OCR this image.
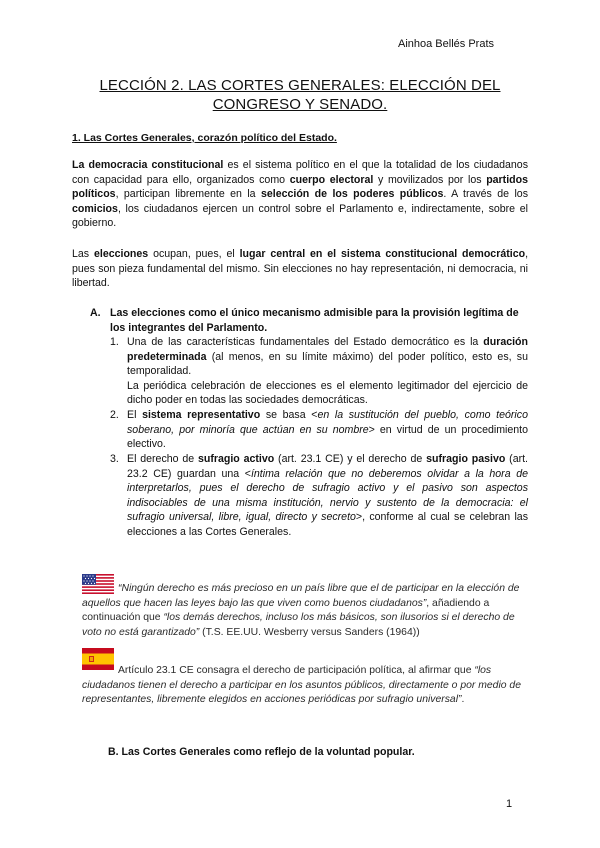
Ainhoa Bellés Prats
LECCIÓN 2. LAS CORTES GENERALES: ELECCIÓN DEL
CONGRESO Y SENADO.
1. Las Cortes Generales, corazón político del Estado.
La democracia constitucional es el sistema político en el que la totalidad de los ciudadanos con capacidad para ello, organizados como cuerpo electoral y movilizados por los partidos políticos, participan libremente en la selección de los poderes públicos. A través de los comicios, los ciudadanos ejercen un control sobre el Parlamento e, indirectamente, sobre el gobierno.
Las elecciones ocupan, pues, el lugar central en el sistema constitucional democrático, pues son pieza fundamental del mismo. Sin elecciones no hay representación, ni democracia, ni libertad.
A. Las elecciones como el único mecanismo admisible para la provisión legítima de los integrantes del Parlamento.
1. Una de las características fundamentales del Estado democrático es la duración predeterminada (al menos, en su límite máximo) del poder político, esto es, su temporalidad.
La periódica celebración de elecciones es el elemento legitimador del ejercicio de dicho poder en todas las sociedades democráticas.
2. El sistema representativo se basa <en la sustitución del pueblo, como teórico soberano, por minoría que actúan en su nombre> en virtud de un procedimiento electivo.
3. El derecho de sufragio activo (art. 23.1 CE) y el derecho de sufragio pasivo (art. 23.2 CE) guardan una <íntima relación que no deberemos olvidar a la hora de interpretarlos, pues el derecho de sufragio activo y el pasivo son aspectos indisociables de una misma institución, nervio y sustento de la democracia: el sufragio universal, libre, igual, directo y secreto>, conforme al cual se celebran las elecciones a las Cortes Generales.
“Ningún derecho es más precioso en un país libre que el de participar en la elección de aquellos que hacen las leyes bajo las que viven como buenos ciudadanos”, añadiendo a continuación que “los demás derechos, incluso los más básicos, son ilusorios si el derecho de voto no está garantizado” (T.S. EE.UU. Wesberry versus Sanders (1964))
Artículo 23.1 CE consagra el derecho de participación política, al afirmar que “los ciudadanos tienen el derecho a participar en los asuntos públicos, directamente o por medio de representantes, libremente elegidos en acciones periódicas por sufragio universal”.
B. Las Cortes Generales como reflejo de la voluntad popular.
1
